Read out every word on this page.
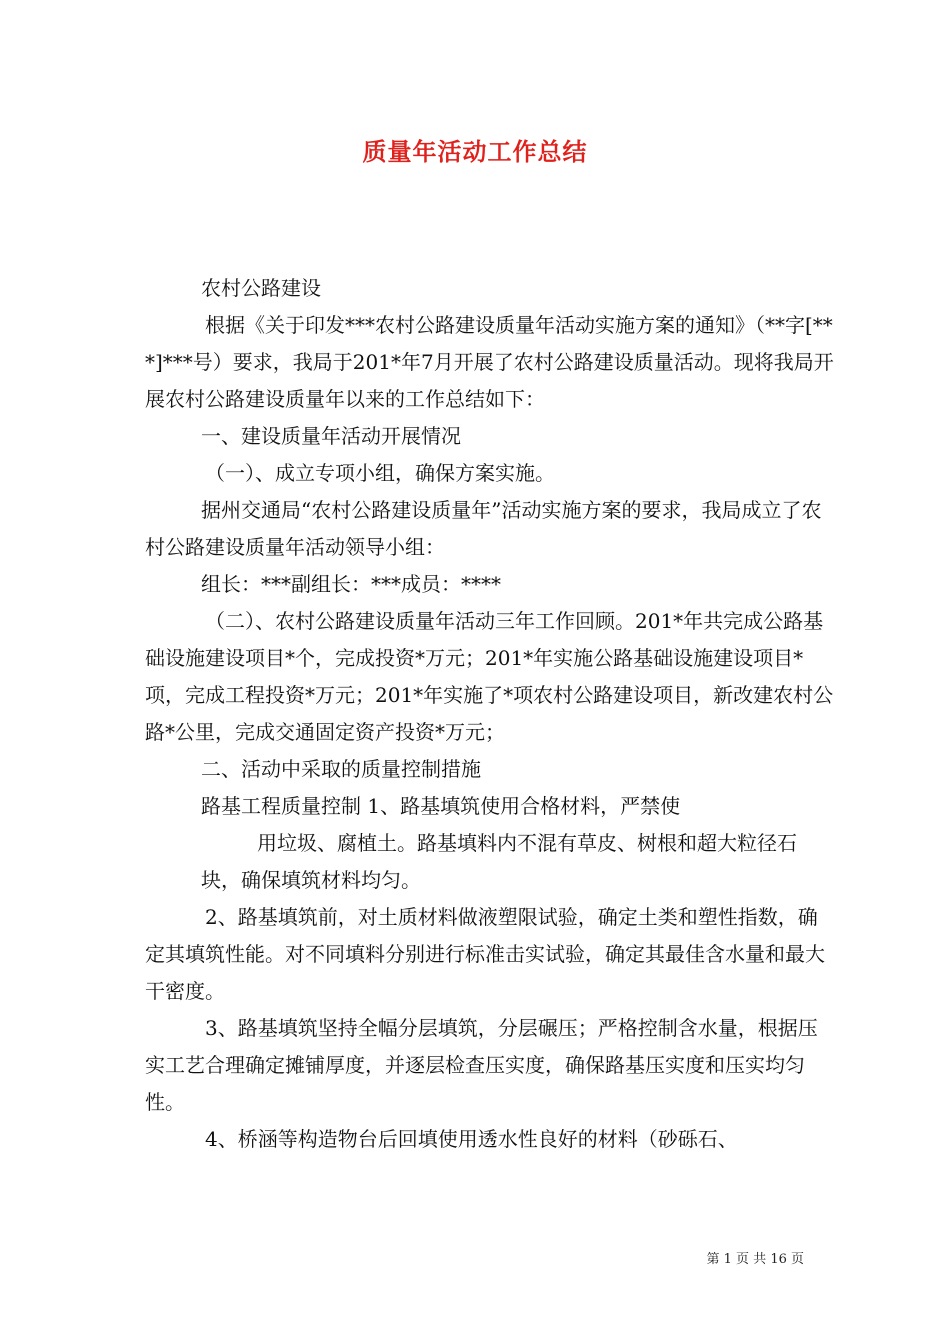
质量年活动工作总结

农村公路建设

根据《关于印发***农村公路建设质量年活动实施方案的通知》（**字[***]***号）要求，我局于201*年7月开展了农村公路建设质量活动。现将我局开展农村公路建设质量年以来的工作总结如下：

一、建设质量年活动开展情况

（一）、成立专项小组，确保方案实施。

据州交通局“农村公路建设质量年”活动实施方案的要求，我局成立了农村公路建设质量年活动领导小组：

组长：***副组长：***成员：****

（二）、农村公路建设质量年活动三年工作回顾。201*年共完成公路基础设施建设项目*个，完成投资*万元；201*年实施公路基础设施建设项目*项，完成工程投资*万元；201*年实施了*项农村公路建设项目，新改建农村公路*公里，完成交通固定资产投资*万元；

二、活动中采取的质量控制措施

路基工程质量控制 1、路基填筑使用合格材料，严禁使

用垃圾、腐植土。路基填料内不混有草皮、树根和超大粒径石块，确保填筑材料均匀。

2、路基填筑前，对土质材料做液塑限试验，确定土类和塑性指数，确定其填筑性能。对不同填料分别进行标准击实试验，确定其最佳含水量和最大干密度。

3、路基填筑坚持全幅分层填筑，分层碾压；严格控制含水量，根据压实工艺合理确定摊铺厚度，并逐层检查压实度，确保路基压实度和压实均匀性。

4、桥涵等构造物台后回填使用透水性良好的材料（砂砾石、

第 1 页 共 16 页
